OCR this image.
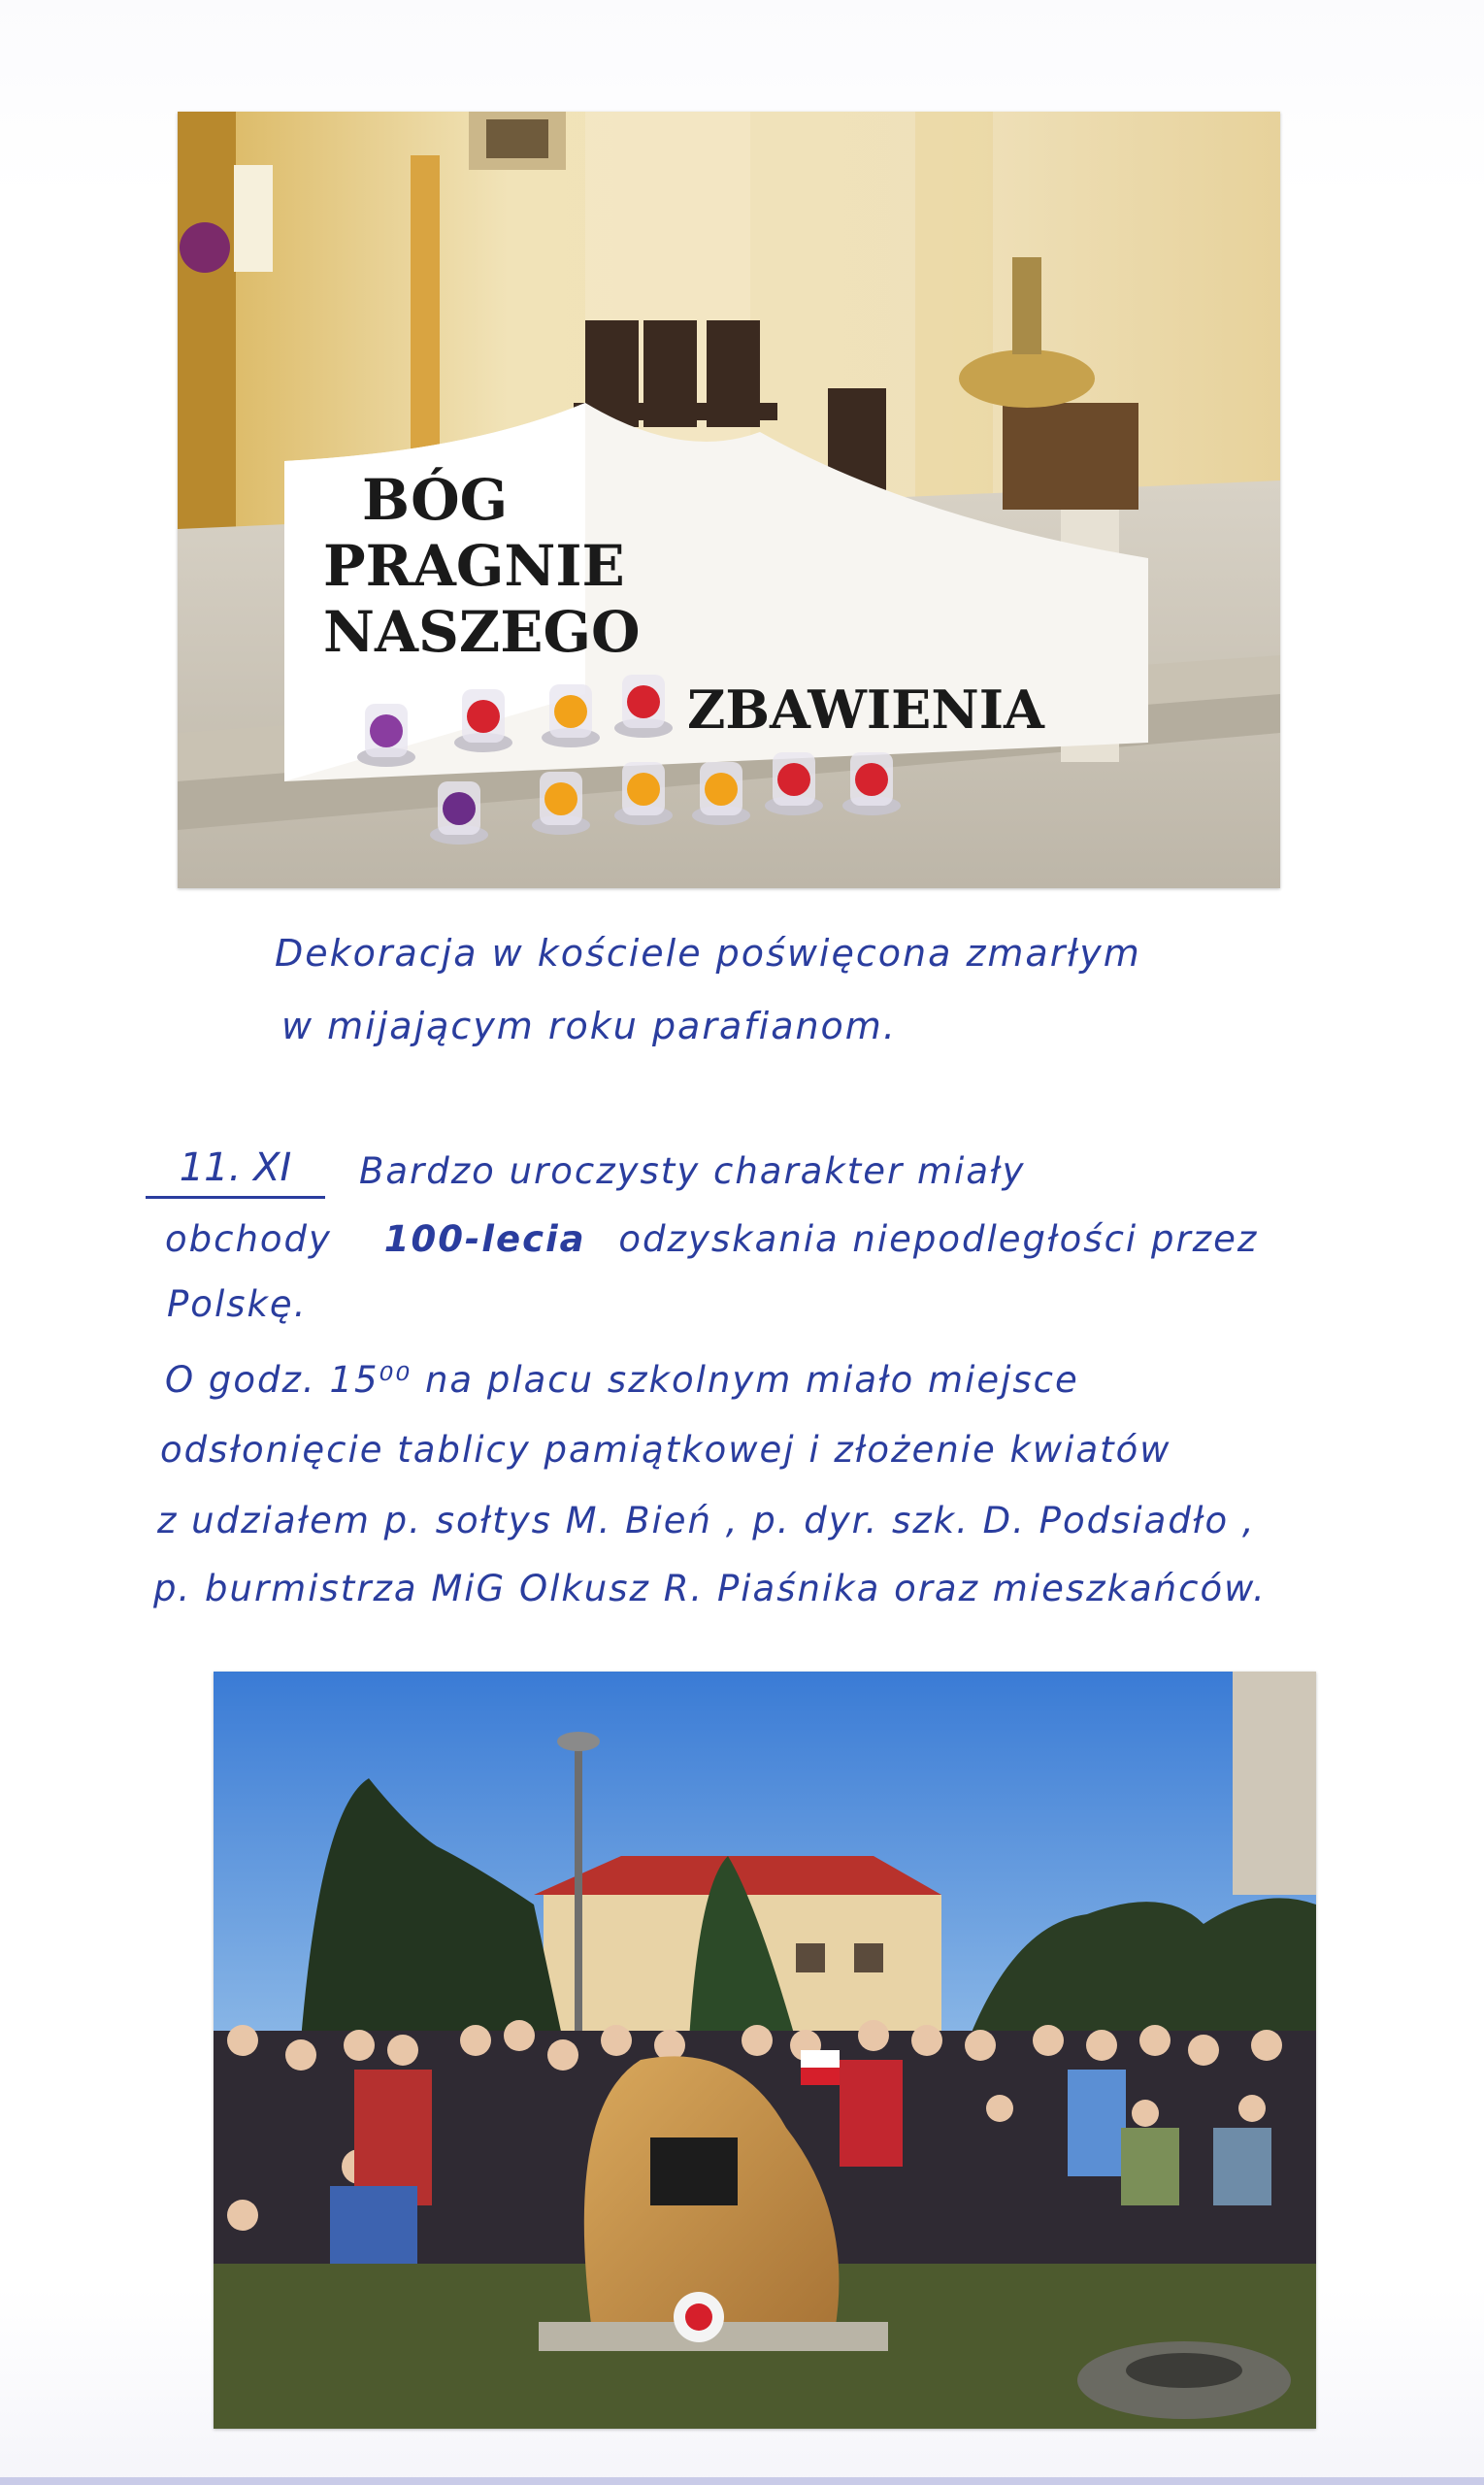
BÓG
PRAGNIE
NASZEGO
ZBAWIENIA
Dekoracja w kościele poświęcona zmarłym
w mijającym roku parafianom.
11. XI	Bardzo uroczysty charakter miały
obchody 100-lecia odzyskania niepodległości przez
Polskę.
O godz. 15⁰⁰ na placu szkolnym miało miejsce
odsłonięcie tablicy pamiątkowej i złożenie kwiatów
z udziałem p. sołtys M. Bień , p. dyr. szk. D. Podsiadło ,
p. burmistrza MiG Olkusz R. Piaśnika oraz mieszkańców.
